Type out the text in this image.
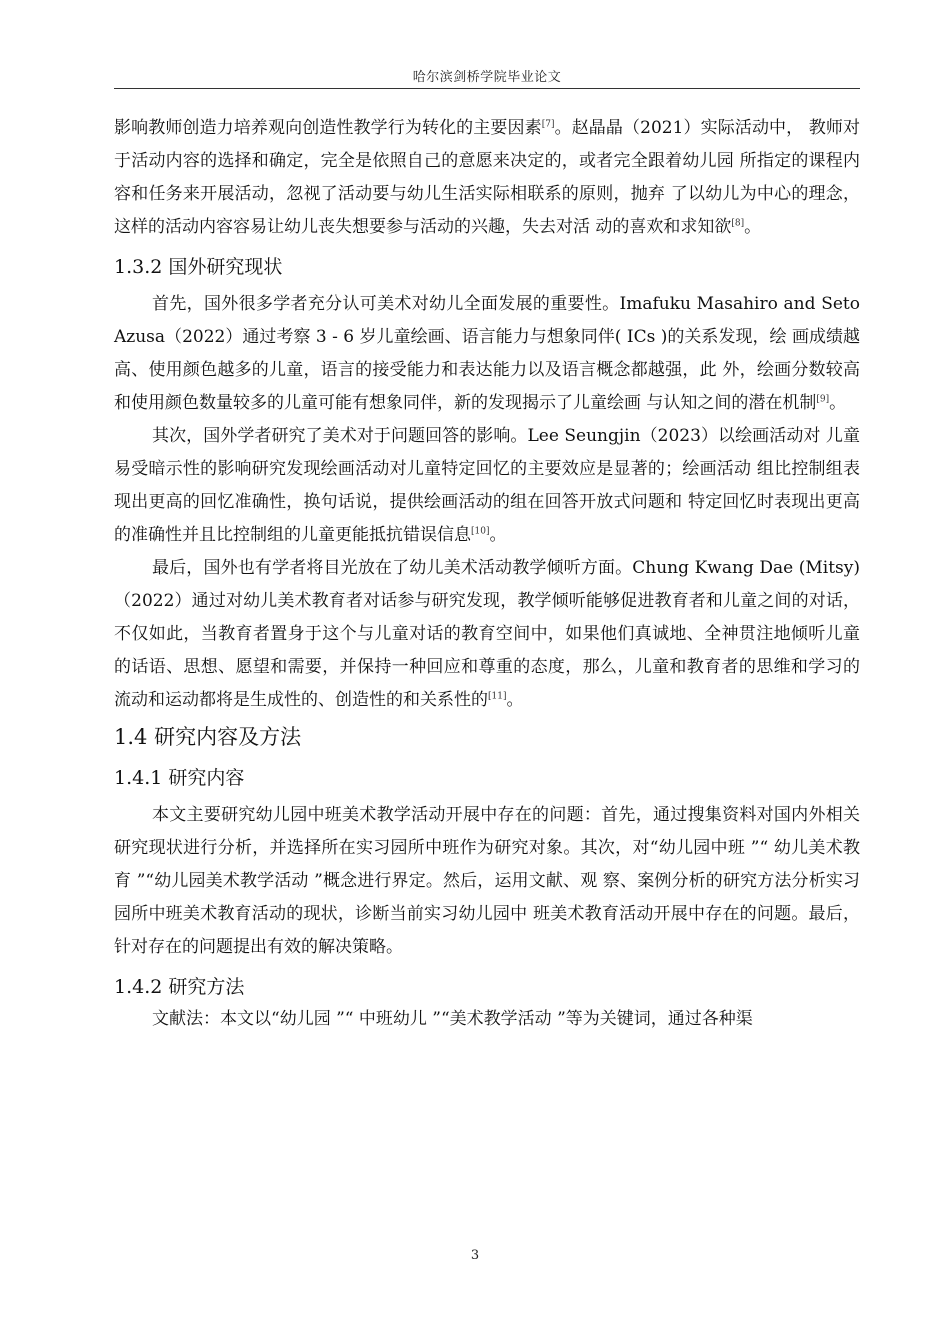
哈尔滨剑桥学院毕业论文

影响教师创造力培养观向创造性教学行为转化的主要因素[7]。赵晶晶（2021）实际活动中， 教师对于活动内容的选择和确定，完全是依照自己的意愿来决定的，或者完全跟着幼儿园 所指定的课程内容和任务来开展活动，忽视了活动要与幼儿生活实际相联系的原则，抛弃 了以幼儿为中心的理念，这样的活动内容容易让幼儿丧失想要参与活动的兴趣，失去对活 动的喜欢和求知欲[8]。

1.3.2 国外研究现状

首先，国外很多学者充分认可美术对幼儿全面发展的重要性。Imafuku Masahiro and Seto Azusa（2022）通过考察 3 - 6 岁儿童绘画、语言能力与想象同伴( ICs )的关系发现，绘 画成绩越高、使用颜色越多的儿童，语言的接受能力和表达能力以及语言概念都越强，此 外，绘画分数较高和使用颜色数量较多的儿童可能有想象同伴，新的发现揭示了儿童绘画 与认知之间的潜在机制[9]。

其次，国外学者研究了美术对于问题回答的影响。Lee Seungjin（2023）以绘画活动对 儿童易受暗示性的影响研究发现绘画活动对儿童特定回忆的主要效应是显著的；绘画活动 组比控制组表现出更高的回忆准确性，换句话说，提供绘画活动的组在回答开放式问题和 特定回忆时表现出更高的准确性并且比控制组的儿童更能抵抗错误信息[10]。

最后，国外也有学者将目光放在了幼儿美术活动教学倾听方面。Chung Kwang Dae (Mitsy)（2022）通过对幼儿美术教育者对话参与研究发现，教学倾听能够促进教育者和儿童之间的对话，不仅如此，当教育者置身于这个与儿童对话的教育空间中，如果他们真诚地、全神贯注地倾听儿童的话语、思想、愿望和需要，并保持一种回应和尊重的态度，那么，儿童和教育者的思维和学习的流动和运动都将是生成性的、创造性的和关系性的[11]。

1.4 研究内容及方法
1.4.1 研究内容

本文主要研究幼儿园中班美术教学活动开展中存在的问题：首先，通过搜集资料对国内外相关研究现状进行分析，并选择所在实习园所中班作为研究对象。其次，对“幼儿园中班 ”“ 幼儿美术教育 ”“幼儿园美术教学活动 ”概念进行界定。然后，运用文献、观 察、案例分析的研究方法分析实习园所中班美术教育活动的现状，诊断当前实习幼儿园中 班美术教育活动开展中存在的问题。最后，针对存在的问题提出有效的解决策略。

1.4.2 研究方法

文献法：本文以“幼儿园 ”“ 中班幼儿 ”“美术教学活动 ”等为关键词，通过各种渠

3
